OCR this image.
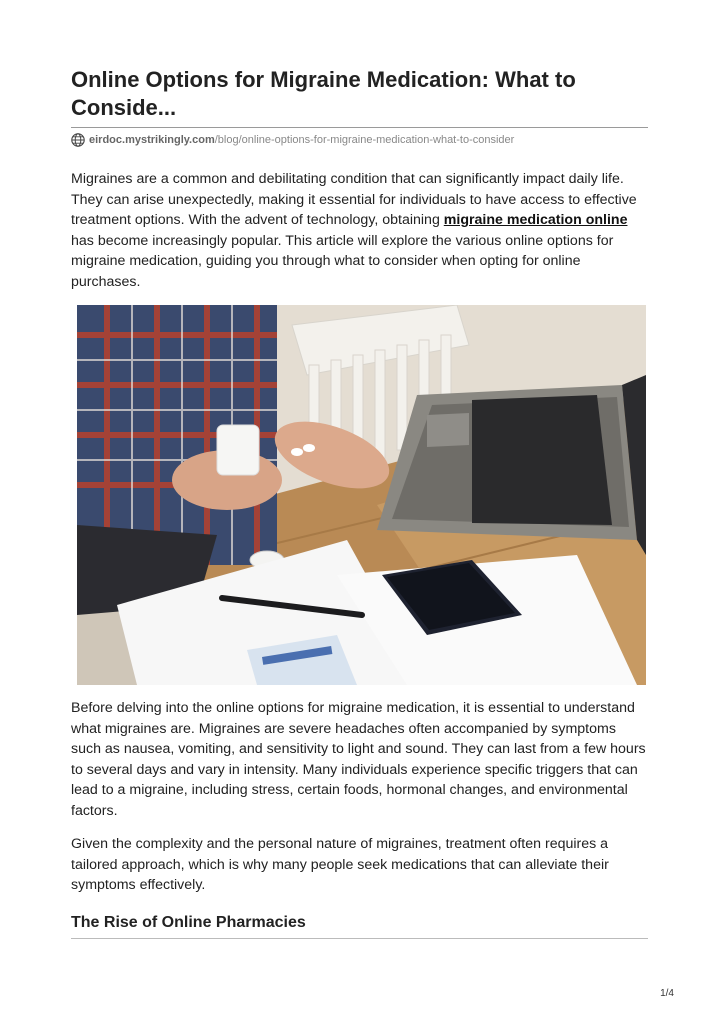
Online Options for Migraine Medication: What to Conside...
eirdoc.mystrikingly.com /blog/online-options-for-migraine-medication-what-to-consider

Migraines are a common and debilitating condition that can significantly impact daily life. They can arise unexpectedly, making it essential for individuals to have access to effective treatment options. With the advent of technology, obtaining migraine medication online has become increasingly popular. This article will explore the various online options for migraine medication, guiding you through what to consider when opting for online purchases.

Before delving into the online options for migraine medication, it is essential to understand what migraines are. Migraines are severe headaches often accompanied by symptoms such as nausea, vomiting, and sensitivity to light and sound. They can last from a few hours to several days and vary in intensity. Many individuals experience specific triggers that can lead to a migraine, including stress, certain foods, hormonal changes, and environmental factors.

Given the complexity and the personal nature of migraines, treatment often requires a tailored approach, which is why many people seek medications that can alleviate their symptoms effectively.

The Rise of Online Pharmacies
1/4
